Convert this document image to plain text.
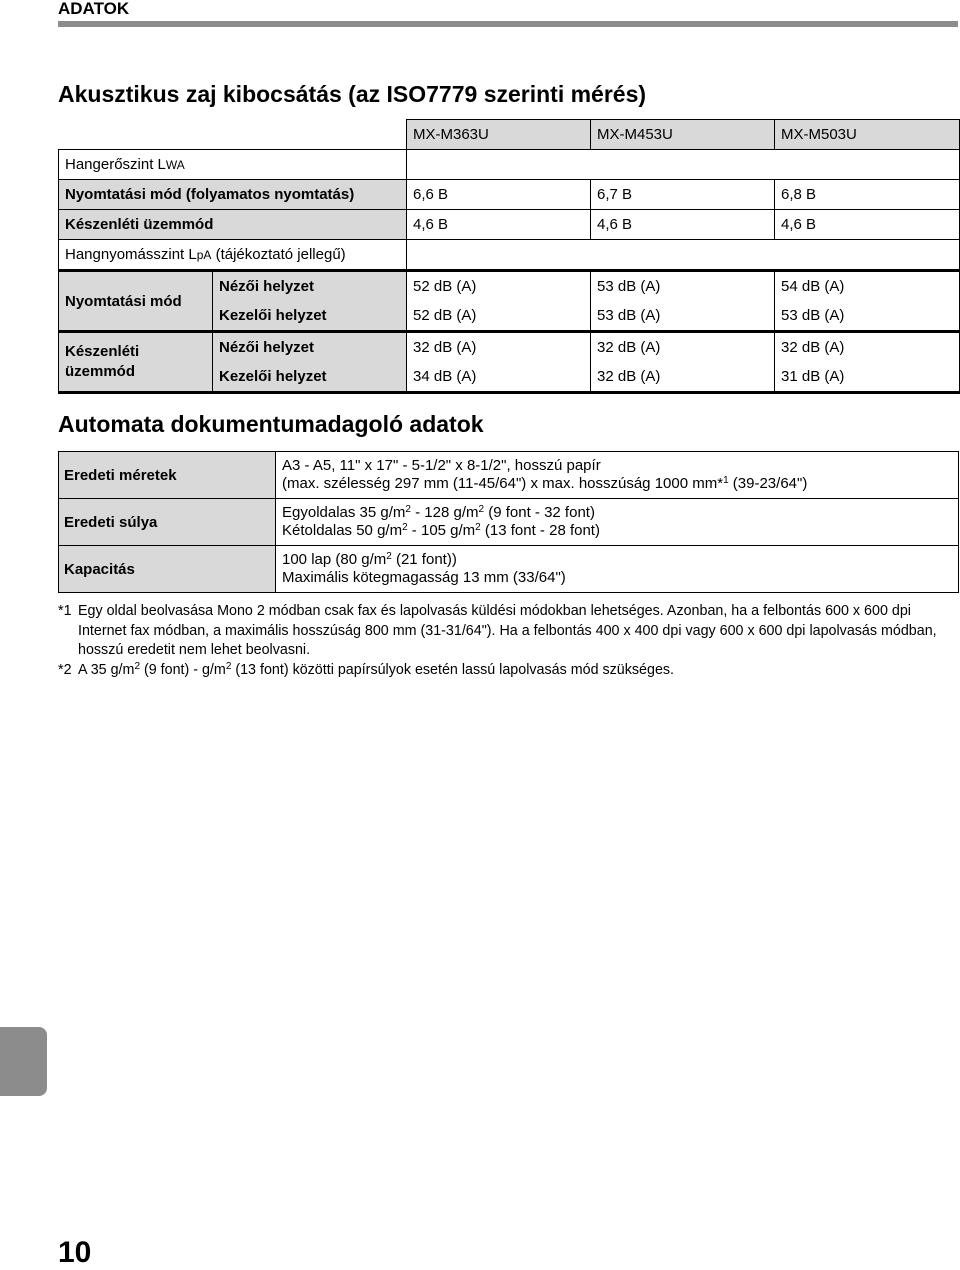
ADATOK
Akusztikus zaj kibocsátás (az ISO7779 szerinti mérés)
		MX-M363U	MX-M453U	MX-M503U
Hangerőszint LWA				
Nyomtatási mód (folyamatos nyomtatás)		6,6 B	6,7 B	6,8 B
Készenléti üzemmód		4,6 B	4,6 B	4,6 B
Hangnyomásszint LpA (tájékoztató jellegű)				
Nyomtatási mód	Nézői helyzet	52 dB (A)	53 dB (A)	54 dB (A)
	Kezelői helyzet	52 dB (A)	53 dB (A)	53 dB (A)
Készenléti üzemmód	Nézői helyzet	32 dB (A)	32 dB (A)	32 dB (A)
	Kezelői helyzet	34 dB (A)	32 dB (A)	31 dB (A)
Automata dokumentumadagoló adatok
Eredeti méretek	A3 - A5, 11" x 17" - 5-1/2" x 8-1/2", hosszú papír
(max. szélesség 297 mm (11-45/64") x max. hosszúság 1000 mm*$^1$ (39-23/64")

Eredeti súlya	Egyoldalas 35 $g/m^2 - 128$ $g/m^2$ (9 font - 32 font)
Kétoldalas 50 $g/m^2 - 105$ $g/m^2$ (13 font - 28 font)

Kapacitás	100 lap (80 $g/m^2$ (21 font))
Maximális kötegmagasság 13 mm (33/64")
*1 Egy oldal beolvasása Mono 2 módban csak fax és lapolvasás küldési módokban lehetséges. Azonban, ha a felbontás 600 x 600 dpi Internet fax módban, a maximális hosszúság 800 mm (31-31/64"). Ha a felbontás 400 x 400 dpi vagy 600 x 600 dpi lapolvasás módban, hosszú eredetit nem lehet beolvasni.
*2 A 35 $g/m^2$ (9 font) - $g/m^2$ (13 font) közötti papírsúlyok esetén lassú lapolvasás mód szükséges.
10
